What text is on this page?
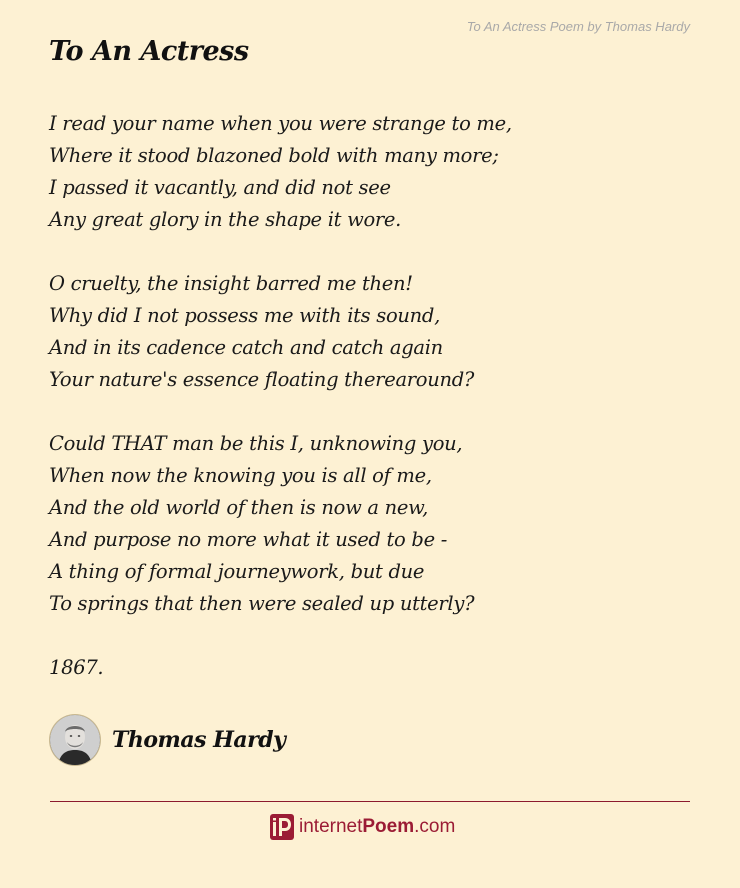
To An Actress Poem by Thomas Hardy
To An Actress
I read your name when you were strange to me,
Where it stood blazoned bold with many more;
I passed it vacantly, and did not see
Any great glory in the shape it wore.
O cruelty, the insight barred me then!
Why did I not possess me with its sound,
And in its cadence catch and catch again
Your nature's essence floating therearound?
Could THAT man be this I, unknowing you,
When now the knowing you is all of me,
And the old world of then is now a new,
And purpose no more what it used to be -
A thing of formal journeywork, but due
To springs that then were sealed up utterly?
1867.
Thomas Hardy
internet Poem .com
